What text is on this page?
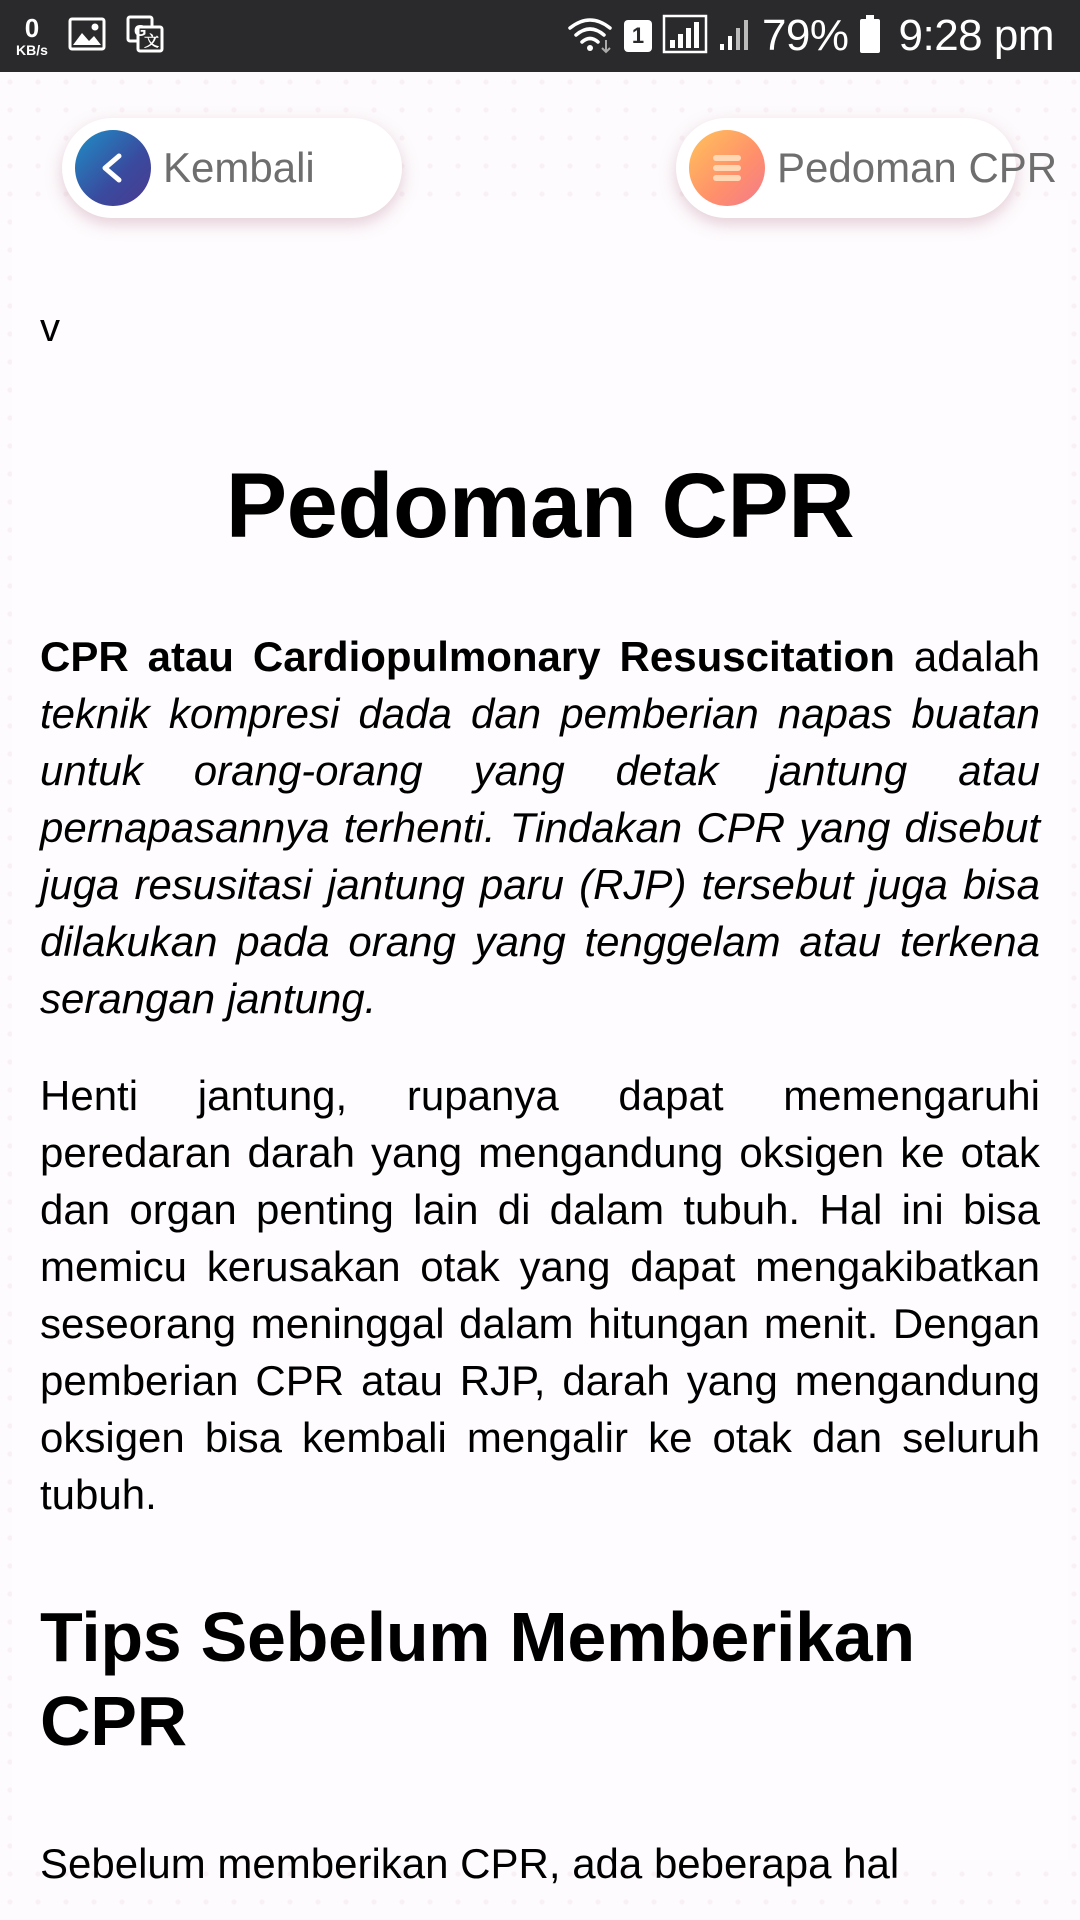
0
KB/s
G
文	1	79% 9:28 pm
Kembali	Pedoman CPR

v

Pedoman CPR

CPR atau Cardiopulmonary Resuscitation adalah teknik kompresi dada dan pemberian napas buatan untuk orang-orang yang detak jantung atau pernapasannya terhenti. Tindakan CPR yang disebut juga resusitasi jantung paru (RJP) tersebut juga bisa dilakukan pada orang yang tenggelam atau terkena serangan jantung.

Henti jantung, rupanya dapat memengaruhi peredaran darah yang mengandung oksigen ke otak dan organ penting lain di dalam tubuh. Hal ini bisa memicu kerusakan otak yang dapat mengakibatkan seseorang meninggal dalam hitungan menit. Dengan pemberian CPR atau RJP, darah yang mengandung oksigen bisa kembali mengalir ke otak dan seluruh tubuh.

Tips Sebelum Memberikan CPR

Sebelum memberikan CPR, ada beberapa hal
